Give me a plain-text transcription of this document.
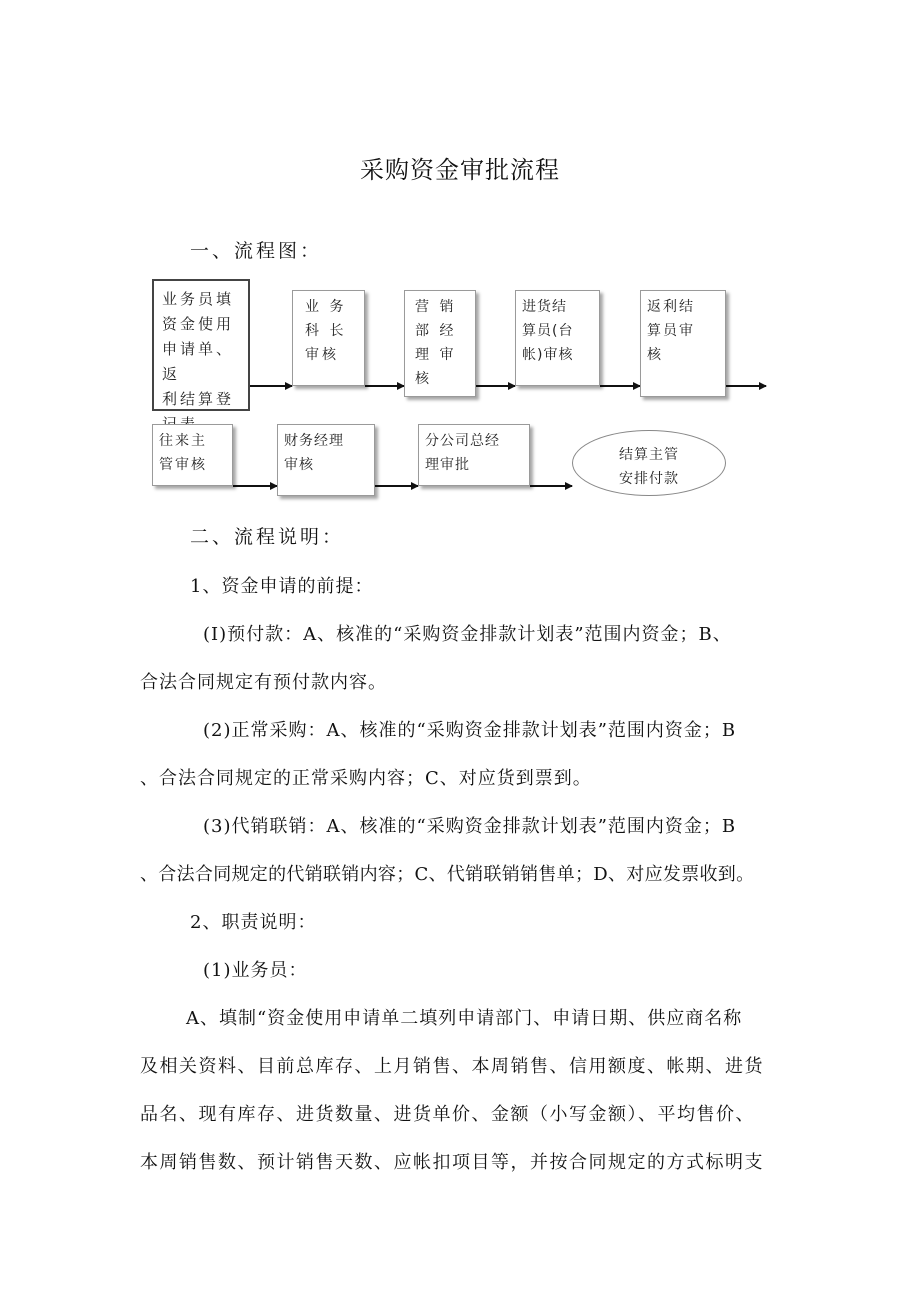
采购资金审批流程
一、流程图：
业务员填
资金使用
申请单、返
利结算登

业 务
科 长
审核
营 销
部 经
理 审
核
进货结
算员(台
帐)审核
返利结
算员审
核
往来主
管审核
财务经理
审核
分公司总经
理审批
结算主管
安排付款
二、流程说明：
1、资金申请的前提：
(I)预付款：A、核准的“采购资金排款计划表”范围内资金；B、
合法合同规定有预付款内容。
(2)正常采购：A、核准的“采购资金排款计划表”范围内资金；B
、合法合同规定的正常采购内容；C、对应货到票到。
(3)代销联销：A、核准的“采购资金排款计划表”范围内资金；B
、合法合同规定的代销联销内容；C、代销联销销售单；D、对应发票收到。
2、职责说明：
(1)业务员：
A、填制“资金使用申请单二填列申请部门、申请日期、供应商名称
及相关资料、目前总库存、上月销售、本周销售、信用额度、帐期、进货
品名、现有库存、进货数量、进货单价、金额（小写金额）、平均售价、
本周销售数、预计销售天数、应帐扣项目等，并按合同规定的方式标明支
